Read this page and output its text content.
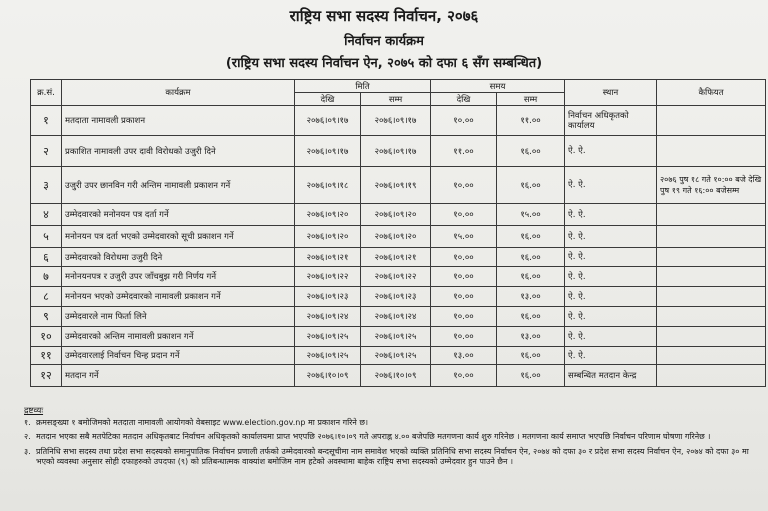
राष्ट्रिय सभा सदस्य निर्वाचन, २०७६
निर्वाचन कार्यक्रम
(राष्ट्रिय सभा सदस्य निर्वाचन ऐन, २०७५ को दफा ६ सँग सम्बन्धित)
क्र.सं.	कार्यक्रम	मिति		समय		स्थान	कैफियत
		देखि	सम्म	देखि	सम्म		
१	मतदाता नामावली प्रकाशन	२०७६।०९।१७	२०७६।०९।१७	१०.००	११.००	निर्वाचन अधिकृतको कार्यालय	
२	प्रकाशित नामावली उपर दावी विरोधको उजुरी दिने	२०७६।०९।१७	२०७६।०९।१७	११.००	१६.००	ऐ. ऐ.	
३	उजुरी उपर छानविन गरी अन्तिम नामावली प्रकाशन गर्ने	२०७६।०९।१८	२०७६।०९।१९	१०.००	१६.००	ऐ. ऐ.	२०७६ पुष १८ गते १०:०० बजे देखि पुष १९ गते १६:०० बजेसम्म
४	उम्मेदवारको मनोनयन पत्र दर्ता गर्ने	२०७६।०९।२०	२०७६।०९।२०	१०.००	१५.००	ऐ. ऐ.	
५	मनोनयन पत्र दर्ता भएको उम्मेदवारको सूची प्रकाशन गर्ने	२०७६।०९।२०	२०७६।०९।२०	१५.००	१६.००	ऐ. ऐ.	
६	उम्मेदवारको विरोधमा उजुरी दिने	२०७६।०९।२१	२०७६।०९।२१	१०.००	१६.००	ऐ. ऐ.	
७	मनोनयनपत्र र उजुरी उपर जाँचबुझ गरी निर्णय गर्ने	२०७६।०९।२२	२०७६।०९।२२	१०.००	१६.००	ऐ. ऐ.	
८	मनोनयन भएको उम्मेदवारको नामावली प्रकाशन गर्ने	२०७६।०९।२३	२०७६।०९।२३	१०.००	१३.००	ऐ. ऐ.	
९	उम्मेदवारले नाम फिर्ता लिने	२०७६।०९।२४	२०७६।०९।२४	१०.००	१६.००	ऐ. ऐ.	
१०	उम्मेदवारको अन्तिम नामावली प्रकाशन गर्ने	२०७६।०९।२५	२०७६।०९।२५	१०.००	१३.००	ऐ. ऐ.	
११	उम्मेदवारलाई निर्वाचन चिन्ह प्रदान गर्ने	२०७६।०९।२५	२०७६।०९।२५	१३.००	१६.००	ऐ. ऐ.	
१२	मतदान गर्ने	२०७६।१०।०९	२०७६।१०।०९	१०.००	१६.००	सम्बन्धित मतदान केन्द्र	
द्रष्टव्यः
१. क्रमसङ्ख्या १ बमोजिमको मतदाता नामावली आयोगको वेबसाइट www.election.gov.np मा प्रकाशन गरिने छ।
२. मतदान भएका सबै मतपेटिका मतदान अधिकृतबाट निर्वाचन अधिकृतको कार्यालयमा प्राप्त भएपछि २०७६।१०।०९ गते अपराह्न ४.०० बजेपछि मतगणना कार्य शुरु गरिनेछ । मतगणना कार्य समाप्त भएपछि निर्वाचन परिणाम घोषणा गरिनेछ ।
३. प्रतिनिधि सभा सदस्य तथा प्रदेश सभा सदस्यको समानुपातिक निर्वाचन प्रणाली तर्फको उम्मेदवारको बन्दसूचीमा नाम समावेश भएको व्यक्ति प्रतिनिधि सभा सदस्य निर्वाचन ऐन, २०७४ को दफा ३० र प्रदेश सभा सदस्य निर्वाचन ऐन, २०७४ को दफा ३० मा भएको व्यवस्था अनुसार सोही दफाहरुको उपदफा (९) को प्रतिबन्धात्मक वाक्यांश बमोजिम नाम हटेको अवस्थामा बाहेक राष्ट्रिय सभा सदस्यको उम्मेदवार हुन पाउने छैन ।
